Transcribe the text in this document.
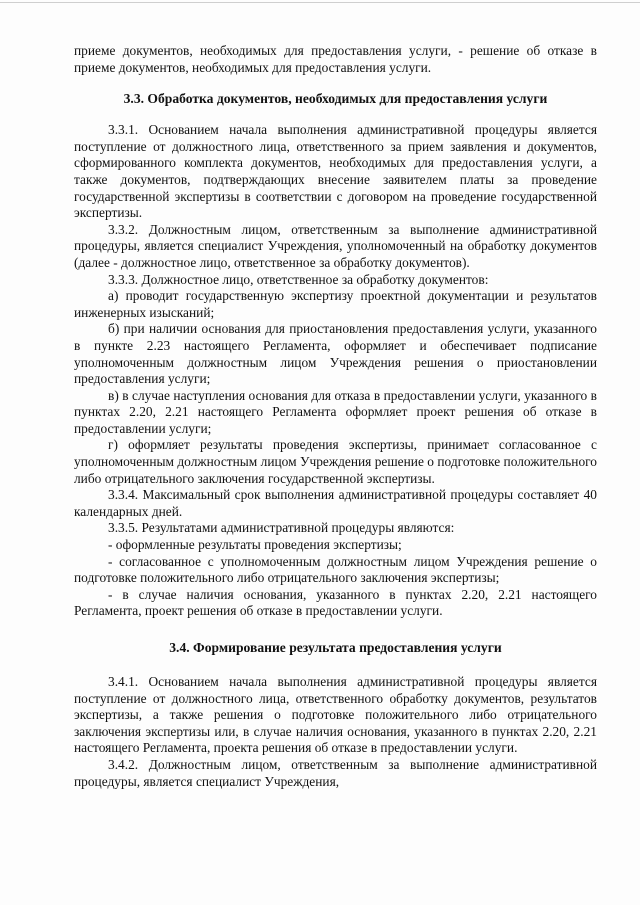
приеме документов, необходимых для предоставления услуги, - решение об отказе в приеме документов, необходимых для предоставления услуги.

3.3. Обработка документов, необходимых для предоставления услуги

3.3.1. Основанием начала выполнения административной процедуры является поступление от должностного лица, ответственного за прием заявления и документов, сформированного комплекта документов, необходимых для предоставления услуги, а также документов, подтверждающих внесение заявителем платы за проведение государственной экспертизы в соответствии с договором на проведение государственной экспертизы.

3.3.2. Должностным лицом, ответственным за выполнение административной процедуры, является специалист Учреждения, уполномоченный на обработку документов (далее - должностное лицо, ответственное за обработку документов).

3.3.3. Должностное лицо, ответственное за обработку документов:

а) проводит государственную экспертизу проектной документации и результатов инженерных изысканий;

б) при наличии основания для приостановления предоставления услуги, указанного в пункте 2.23 настоящего Регламента, оформляет и обеспечивает подписание уполномоченным должностным лицом Учреждения решения о приостановлении предоставления услуги;

в) в случае наступления основания для отказа в предоставлении услуги, указанного в пунктах 2.20, 2.21 настоящего Регламента оформляет проект решения об отказе в предоставлении услуги;

г) оформляет результаты проведения экспертизы, принимает согласованное с уполномоченным должностным лицом Учреждения решение о подготовке положительного либо отрицательного заключения государственной экспертизы.

3.3.4. Максимальный срок выполнения административной процедуры составляет 40 календарных дней.

3.3.5. Результатами административной процедуры являются:

- оформленные результаты проведения экспертизы;

- согласованное с уполномоченным должностным лицом Учреждения решение о подготовке положительного либо отрицательного заключения экспертизы;

- в случае наличия основания, указанного в пунктах 2.20, 2.21 настоящего Регламента, проект решения об отказе в предоставлении услуги.

3.4. Формирование результата предоставления услуги

3.4.1. Основанием начала выполнения административной процедуры является поступление от должностного лица, ответственного обработку документов, результатов экспертизы, а также решения о подготовке положительного либо отрицательного заключения экспертизы или, в случае наличия основания, указанного в пунктах 2.20, 2.21 настоящего Регламента, проекта решения об отказе в предоставлении услуги.

3.4.2. Должностным лицом, ответственным за выполнение административной процедуры, является специалист Учреждения,
